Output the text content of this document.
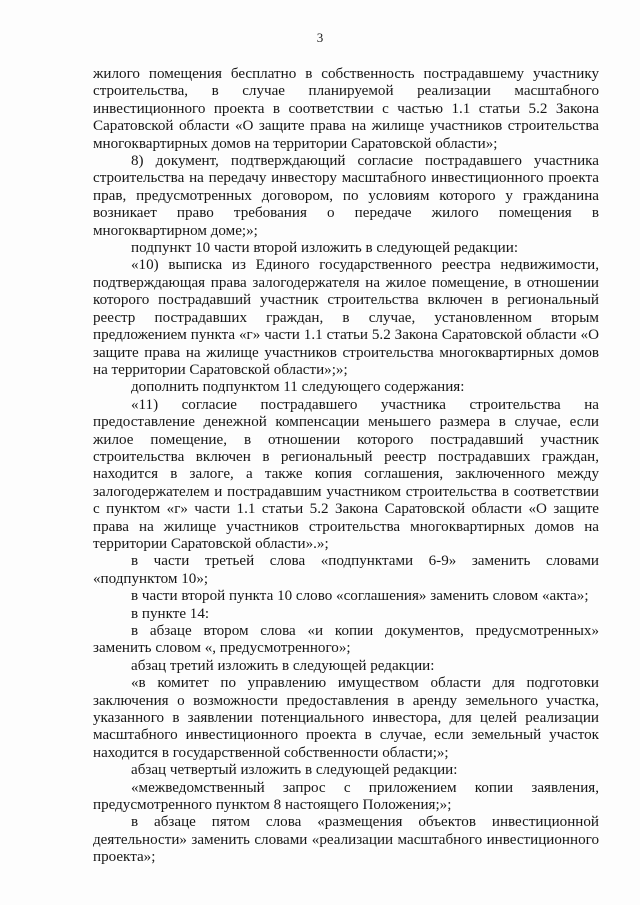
3

жилого помещения бесплатно в собственность пострадавшему участнику строительства, в случае планируемой реализации масштабного инвестиционного проекта в соответствии с частью 1.1 статьи 5.2 Закона Саратовской области «О защите права на жилище участников строительства многоквартирных домов на территории Саратовской области»;

8) документ, подтверждающий согласие пострадавшего участника строительства на передачу инвестору масштабного инвестиционного проекта прав, предусмотренных договором, по условиям которого у гражданина возникает право требования о передаче жилого помещения в многоквартирном доме;»;

подпункт 10 части второй изложить в следующей редакции:

«10) выписка из Единого государственного реестра недвижимости, подтверждающая права залогодержателя на жилое помещение, в отношении которого пострадавший участник строительства включен в региональный реестр пострадавших граждан, в случае, установленном вторым предложением пункта «г» части 1.1 статьи 5.2 Закона Саратовской области «О защите права на жилище участников строительства многоквартирных домов на территории Саратовской области»;»;

дополнить подпунктом 11 следующего содержания:

«11) согласие пострадавшего участника строительства на предоставление денежной компенсации меньшего размера в случае, если жилое помещение, в отношении которого пострадавший участник строительства включен в региональный реестр пострадавших граждан, находится в залоге, а также копия соглашения, заключенного между залогодержателем и пострадавшим участником строительства в соответствии с пунктом «г» части 1.1 статьи 5.2 Закона Саратовской области «О защите права на жилище участников строительства многоквартирных домов на территории Саратовской области».»;

в части третьей слова «подпунктами 6-9» заменить словами «подпунктом 10»;

в части второй пункта 10 слово «соглашения» заменить словом «акта»;

в пункте 14:

в абзаце втором слова «и копии документов, предусмотренных» заменить словом «, предусмотренного»;

абзац третий изложить в следующей редакции:

«в комитет по управлению имуществом области для подготовки заключения о возможности предоставления в аренду земельного участка, указанного в заявлении потенциального инвестора, для целей реализации масштабного инвестиционного проекта в случае, если земельный участок находится в государственной собственности области;»;

абзац четвертый изложить в следующей редакции:

«межведомственный запрос с приложением копии заявления, предусмотренного пунктом 8 настоящего Положения;»;

в абзаце пятом слова «размещения объектов инвестиционной деятельности» заменить словами «реализации масштабного инвестиционного проекта»;
